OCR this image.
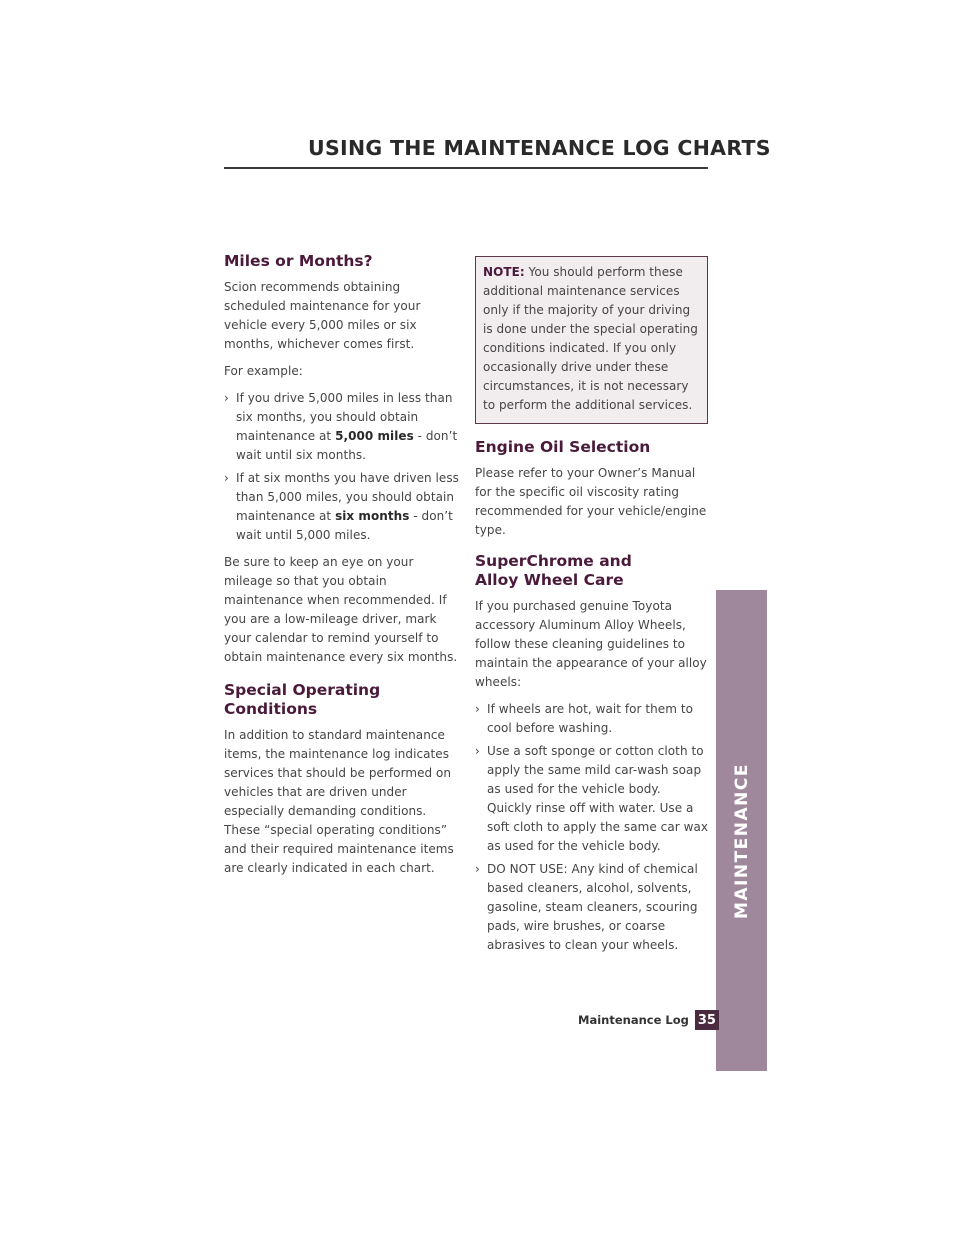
USING THE MAINTENANCE LOG CHARTS
Miles or Months?

Scion recommends obtaining scheduled maintenance for your vehicle every 5,000 miles or six months, whichever comes first.

For example:

› If you drive 5,000 miles in less than six months, you should obtain maintenance at 5,000 miles - don’t wait until six months.
› If at six months you have driven less than 5,000 miles, you should obtain maintenance at six months - don’t wait until 5,000 miles.

Be sure to keep an eye on your mileage so that you obtain maintenance when recommended. If you are a low-mileage driver, mark your calendar to remind yourself to obtain maintenance every six months.

Special Operating Conditions

In addition to standard maintenance items, the maintenance log indicates services that should be performed on vehicles that are driven under especially demanding conditions. These “special operating conditions” and their required maintenance items are clearly indicated in each chart.

NOTE: You should perform these additional maintenance services only if the majority of your driving is done under the special operating conditions indicated. If you only occasionally drive under these circumstances, it is not necessary to perform the additional services.

Engine Oil Selection

Please refer to your Owner’s Manual for the specific oil viscosity rating recommended for your vehicle/engine type.

SuperChrome and Alloy Wheel Care

If you purchased genuine Toyota accessory Aluminum Alloy Wheels, follow these cleaning guidelines to maintain the appearance of your alloy wheels:

› If wheels are hot, wait for them to cool before washing.
› Use a soft sponge or cotton cloth to apply the same mild car-wash soap as used for the vehicle body. Quickly rinse off with water. Use a soft cloth to apply the same car wax as used for the vehicle body.
› DO NOT USE: Any kind of chemical based cleaners, alcohol, solvents, gasoline, steam cleaners, scouring pads, wire brushes, or coarse abrasives to clean your wheels.
MAINTENANCE
Maintenance Log 35
